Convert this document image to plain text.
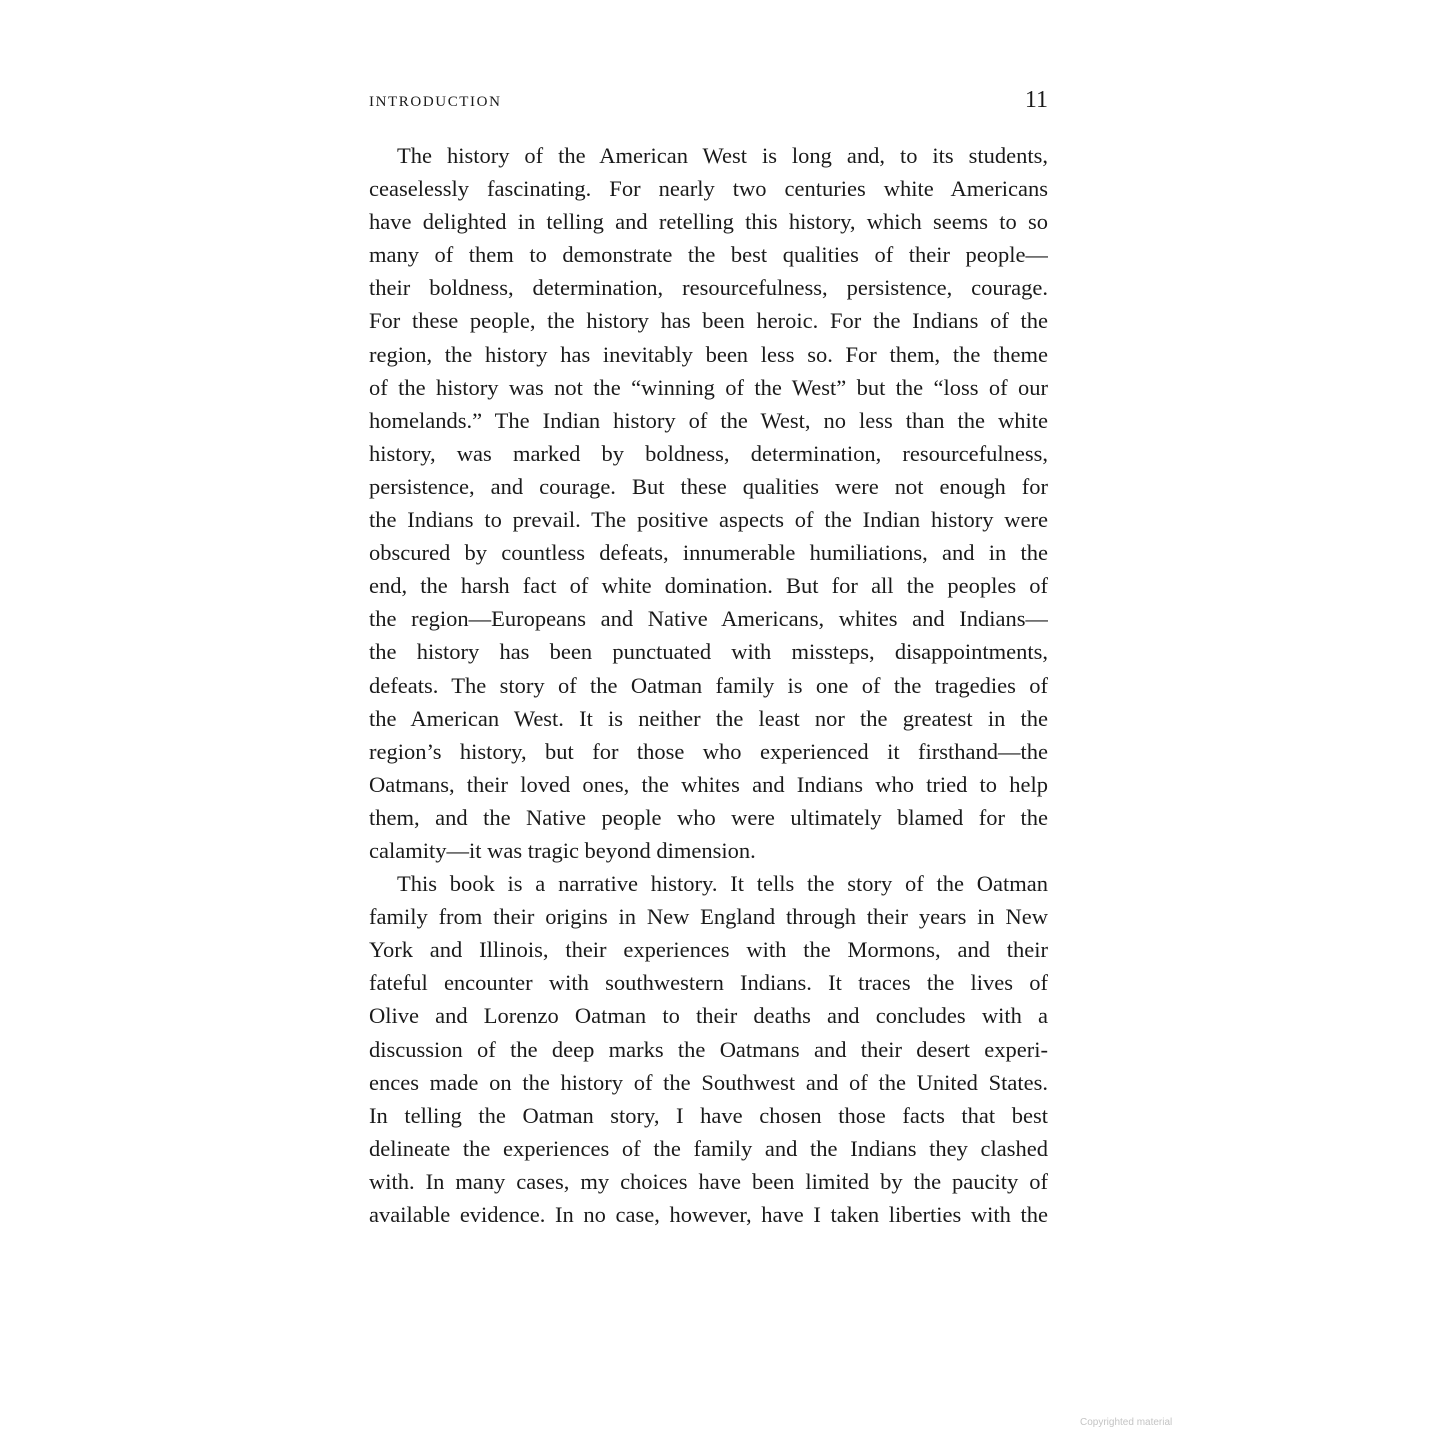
INTRODUCTION	11
The history of the American West is long and, to its students,
ceaselessly fascinating. For nearly two centuries white Americans
have delighted in telling and retelling this history, which seems to so
many of them to demonstrate the best qualities of their people—
their boldness, determination, resourcefulness, persistence, courage.
For these people, the history has been heroic. For the Indians of the
region, the history has inevitably been less so. For them, the theme
of the history was not the “winning of the West” but the “loss of our
homelands.” The Indian history of the West, no less than the white
history, was marked by boldness, determination, resourcefulness,
persistence, and courage. But these qualities were not enough for
the Indians to prevail. The positive aspects of the Indian history were
obscured by countless defeats, innumerable humiliations, and in the
end, the harsh fact of white domination. But for all the peoples of
the region—Europeans and Native Americans, whites and Indians—
the history has been punctuated with missteps, disappointments,
defeats. The story of the Oatman family is one of the tragedies of
the American West. It is neither the least nor the greatest in the
region’s history, but for those who experienced it firsthand—the
Oatmans, their loved ones, the whites and Indians who tried to help
them, and the Native people who were ultimately blamed for the
calamity—it was tragic beyond dimension.
This book is a narrative history. It tells the story of the Oatman
family from their origins in New England through their years in New
York and Illinois, their experiences with the Mormons, and their
fateful encounter with southwestern Indians. It traces the lives of
Olive and Lorenzo Oatman to their deaths and concludes with a
discussion of the deep marks the Oatmans and their desert experi-
ences made on the history of the Southwest and of the United States.
In telling the Oatman story, I have chosen those facts that best
delineate the experiences of the family and the Indians they clashed
with. In many cases, my choices have been limited by the paucity of
available evidence. In no case, however, have I taken liberties with the
Copyrighted material
